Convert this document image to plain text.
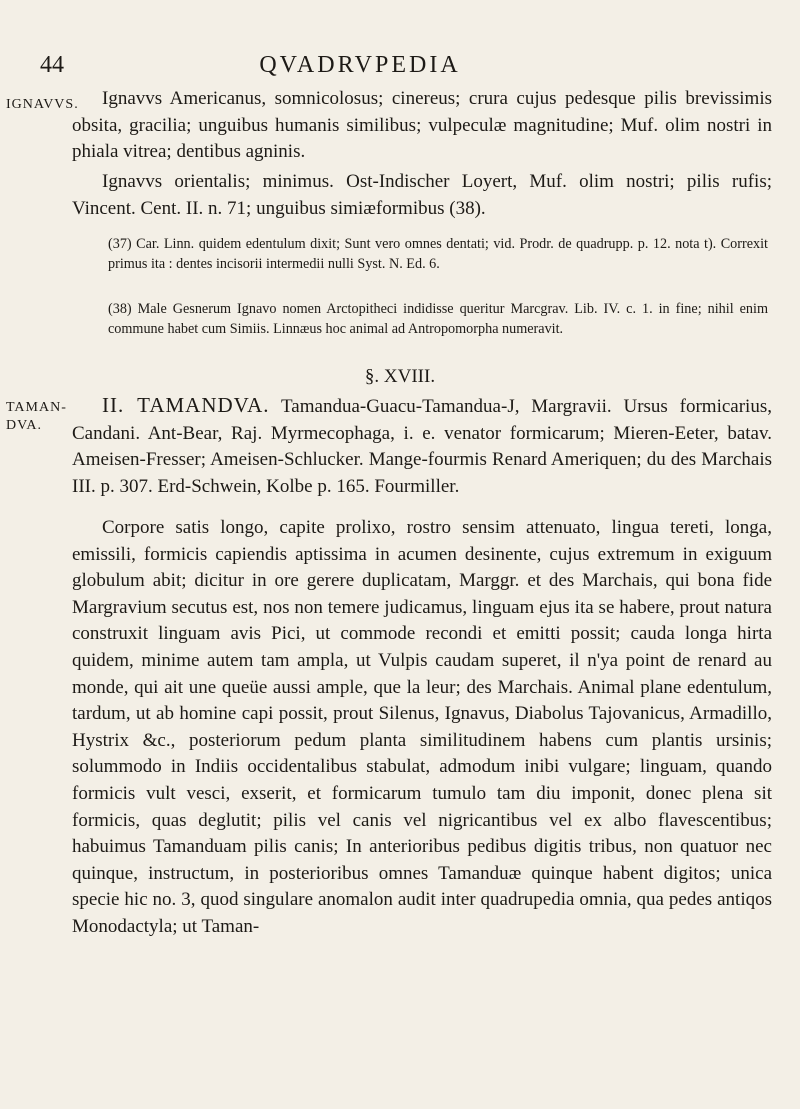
44	QVADRVPEDIA
IGNAVVS.	Ignavvs Americanus, somnicolosus; cinereus; crura cujus pedesque pilis brevissimis obsita, gracilia; unguibus humanis similibus; vulpeculæ magnitudine; Muf. olim nostri in phiala vitrea; dentibus agninis.

Ignavvs orientalis; minimus. Ost-Indischer Loyert, Muf. olim nostri; pilis rufis; Vincent. Cent. II. n. 71; unguibus simiæformibus (38).

(37) Car. Linn. quidem edentulum dixit; Sunt vero omnes dentati; vid. Prodr. de quadrupp. p. 12. nota t). Correxit primus ita : dentes incisorii intermedii nulli Syst. N. Ed. 6.

(38) Male Gesnerum Ignavo nomen Arctopitheci indidisse queritur Marcgrav. Lib. IV. c. 1. in fine; nihil enim commune habet cum Simiis. Linnæus hoc animal ad Antropomorpha numeravit.

§. XVIII.
TAMAN-
DVA.

II. TAMANDVA. Tamandua-Guacu-Tamandua-J, Margravii. Ursus formicarius, Candani. Ant-Bear, Raj. Myrmecophaga, i. e. venator formicarum; Mieren-Eeter, batav. Ameisen-Fresser; Ameisen-Schlucker. Mange-fourmis Renard Ameriquen; du des Marchais III. p. 307. Erd-Schwein, Kolbe p. 165. Fourmiller.

Corpore satis longo, capite prolixo, rostro sensim attenuato, lingua tereti, longa, emissili, formicis capiendis aptissima in acumen desinente, cujus extremum in exiguum globulum abit; dicitur in ore gerere duplicatam, Marggr. et des Marchais, qui bona fide Margravium secutus est, nos non temere judicamus, linguam ejus ita se habere, prout natura construxit linguam avis Pici, ut commode recondi et emitti possit; cauda longa hirta quidem, minime autem tam ampla, ut Vulpis caudam superet, il n'ya point de renard au monde, qui ait une queüe aussi ample, que la leur; des Marchais. Animal plane edentulum, tardum, ut ab homine capi possit, prout Silenus, Ignavus, Diabolus Tajovanicus, Armadillo, Hystrix &c., posteriorum pedum planta similitudinem habens cum plantis ursinis; solummodo in Indiis occidentalibus stabulat, admodum inibi vulgare; linguam, quando formicis vult vesci, exserit, et formicarum tumulo tam diu imponit, donec plena sit formicis, quas deglutit; pilis vel canis vel nigricantibus vel ex albo flavescentibus; habuimus Tamanduam pilis canis; In anterioribus pedibus digitis tribus, non quatuor nec quinque, instructum, in posterioribus omnes Tamanduæ quinque habent digitos; unica specie hic no. 3, quod singulare anomalon audit inter quadrupedia omnia, qua pedes antiqos Monodactyla; ut Taman-
